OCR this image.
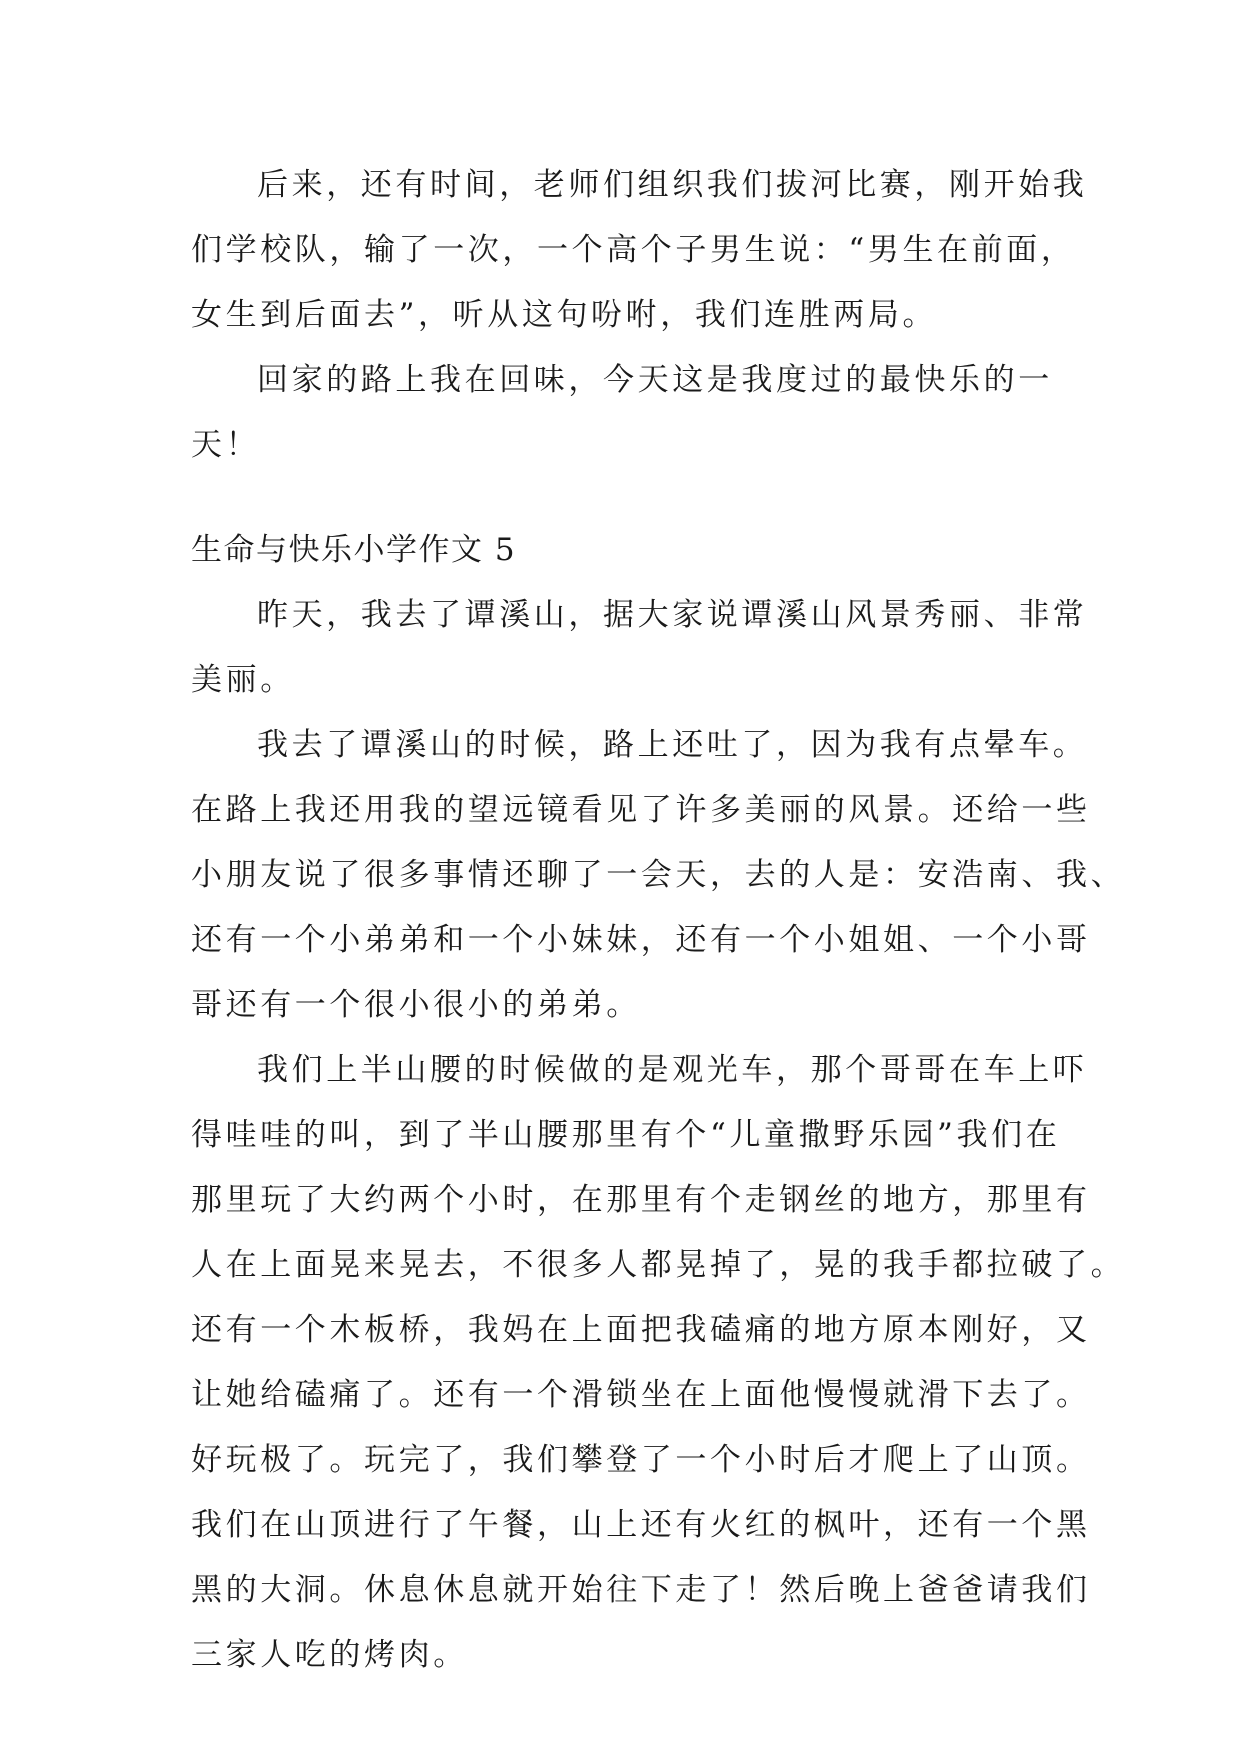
后来，还有时间，老师们组织我们拔河比赛，刚开始我
们学校队，输了一次，一个高个子男生说：“男生在前面，
女生到后面去”，听从这句吩咐，我们连胜两局。
回家的路上我在回味，今天这是我度过的最快乐的一
天！
生命与快乐小学作文 5
昨天，我去了谭溪山，据大家说谭溪山风景秀丽、非常
美丽。
我去了谭溪山的时候，路上还吐了，因为我有点晕车。
在路上我还用我的望远镜看见了许多美丽的风景。还给一些
小朋友说了很多事情还聊了一会天，去的人是：安浩南、我、
还有一个小弟弟和一个小妹妹，还有一个小姐姐、一个小哥
哥还有一个很小很小的弟弟。
我们上半山腰的时候做的是观光车，那个哥哥在车上吓
得哇哇的叫，到了半山腰那里有个“儿童撒野乐园”我们在
那里玩了大约两个小时，在那里有个走钢丝的地方，那里有
人在上面晃来晃去，不很多人都晃掉了，晃的我手都拉破了。
还有一个木板桥，我妈在上面把我磕痛的地方原本刚好，又
让她给磕痛了。还有一个滑锁坐在上面他慢慢就滑下去了。
好玩极了。玩完了，我们攀登了一个小时后才爬上了山顶。
我们在山顶进行了午餐，山上还有火红的枫叶，还有一个黑
黑的大洞。休息休息就开始往下走了！然后晚上爸爸请我们
三家人吃的烤肉。
